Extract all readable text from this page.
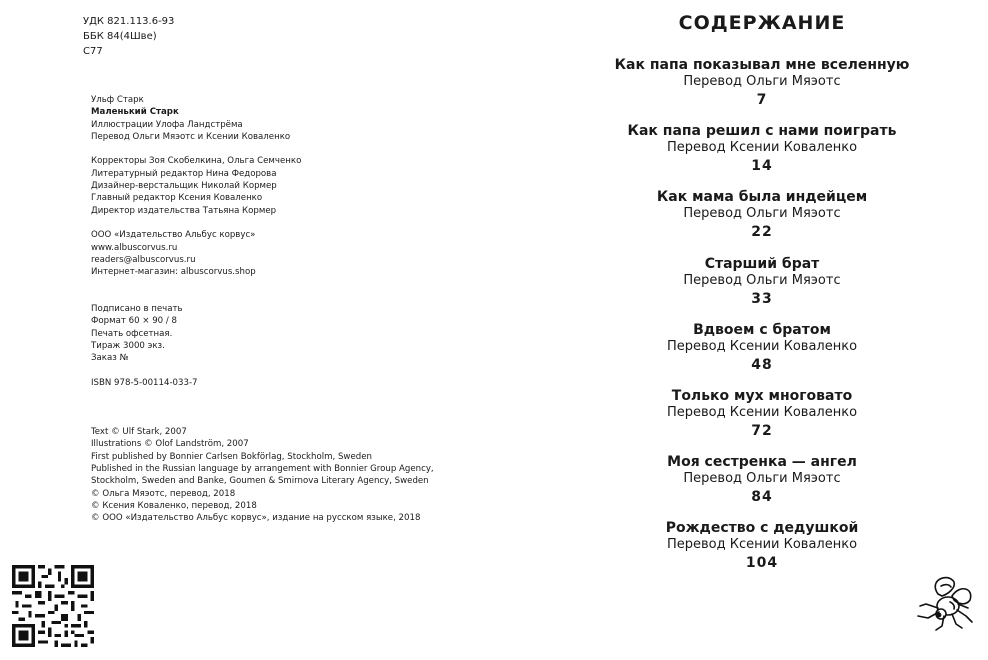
УДК 821.113.6-93
ББК 84(4Шве)
С77
Ульф Старк
Маленький Старк
Иллюстрации Улофа Ландстрёма
Перевод Ольги Мяэотс и Ксении Коваленко
Корректоры Зоя Скобелкина, Ольга Семченко
Литературный редактор Нина Федорова
Дизайнер-верстальщик Николай Кормер
Главный редактор Ксения Коваленко
Директор издательства Татьяна Кормер
ООО «Издательство Альбус корвус»
www.albuscorvus.ru
readers@albuscorvus.ru
Интернет-магазин: albuscorvus.shop
Подписано в печать
Формат 60 × 90 / 8
Печать офсетная.
Тираж 3000 экз.
Заказ №
ISBN 978-5-00114-033-7
Text © Ulf Stark, 2007
Illustrations © Olof Landström, 2007
First published by Bonnier Carlsen Bokförlag, Stockholm, Sweden
Published in the Russian language by arrangement with Bonnier Group Agency,
Stockholm, Sweden and Banke, Goumen & Smirnova Literary Agency, Sweden
© Ольга Мяэотс, перевод, 2018
© Ксения Коваленко, перевод, 2018
© ООО «Издательство Альбус корвус», издание на русском языке, 2018
СОДЕРЖАНИЕ
Как папа показывал мне вселенную
Перевод Ольги Мяэотс
7
Как папа решил с нами поиграть
Перевод Ксении Коваленко
14
Как мама была индейцем
Перевод Ольги Мяэотс
22
Старший брат
Перевод Ольги Мяэотс
33
Вдвоем с братом
Перевод Ксении Коваленко
48
Только мух многовато
Перевод Ксении Коваленко
72
Моя сестренка — ангел
Перевод Ольги Мяэотс
84
Рождество с дедушкой
Перевод Ксении Коваленко
104
